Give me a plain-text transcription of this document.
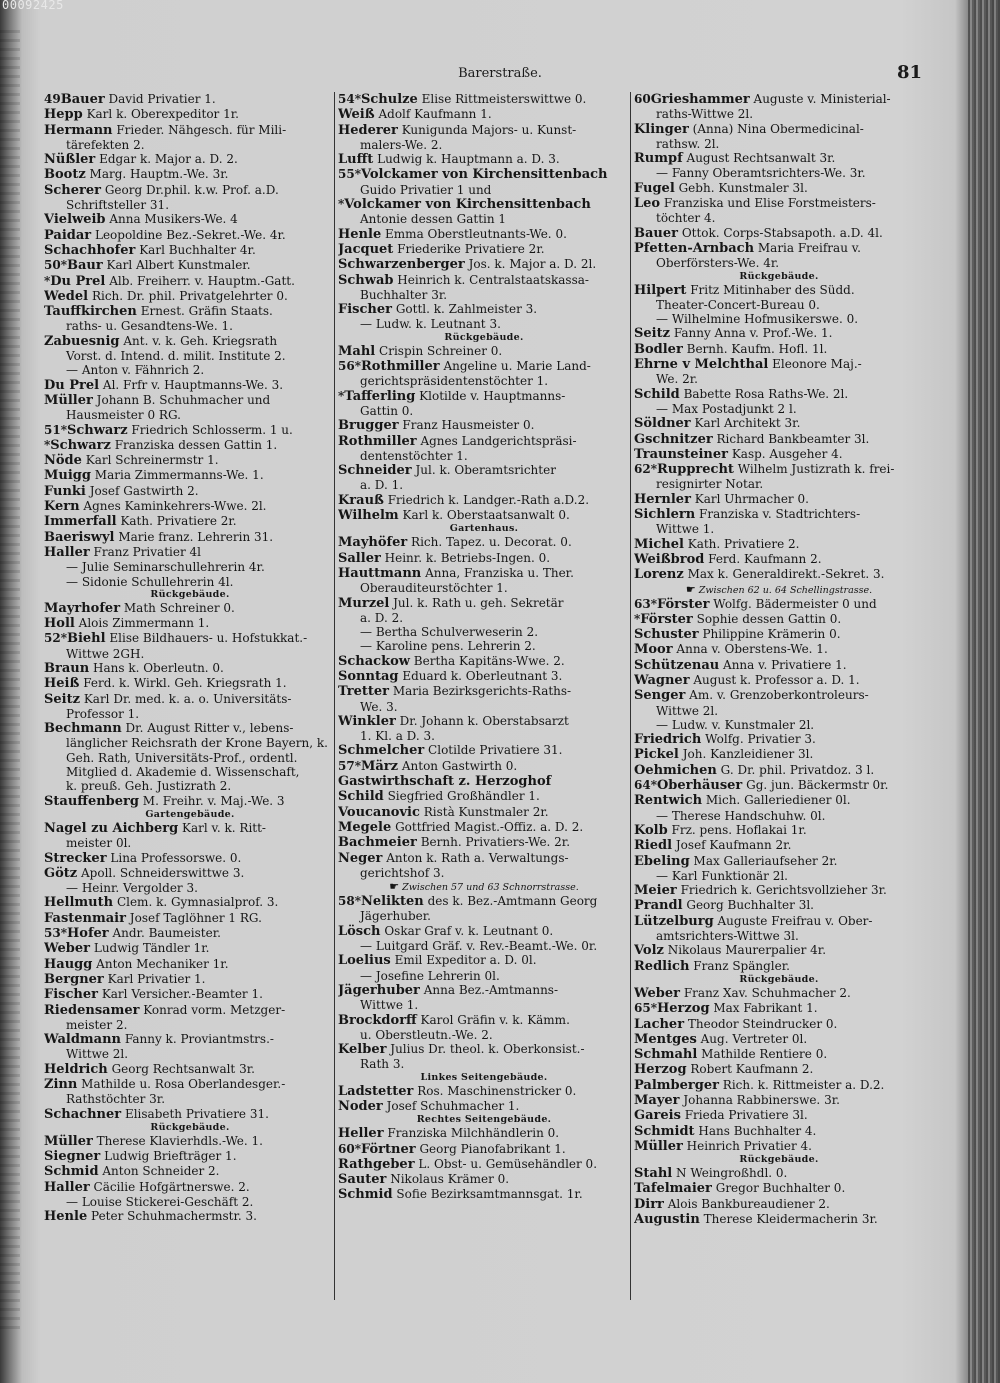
00092425
Barerstraße.	81
49Bauer David Privatier 1.
Hepp Karl k. Oberexpeditor 1r.
Hermann Frieder. Nähgesch. für Mili-
tärefekten 2.
Nüßler Edgar k. Major a. D. 2.
Bootz Marg. Hauptm.-We. 3r.
Scherer Georg Dr.phil. k.w. Prof. a.D.
Schriftsteller 31.
Vielweib Anna Musikers-We. 4
Paidar Leopoldine Bez.-Sekret.-We. 4r.
Schachhofer Karl Buchhalter 4r.
50*Baur Karl Albert Kunstmaler.
*Du Prel Alb. Freiherr. v. Hauptm.-Gatt.
Wedel Rich. Dr. phil. Privatgelehrter 0.
Tauffkirchen Ernest. Gräfin Staats.
raths- u. Gesandtens-We. 1.
Zabuesnig Ant. v. k. Geh. Kriegsrath
Vorst. d. Intend. d. milit. Institute 2.
— Anton v. Fähnrich 2.
Du Prel Al. Frfr v. Hauptmanns-We. 3.
Müller Johann B. Schuhmacher und
Hausmeister 0 RG.
51*Schwarz Friedrich Schlosserm. 1 u.
*Schwarz Franziska dessen Gattin 1.
Nöde Karl Schreinermstr 1.
Muigg Maria Zimmermanns-We. 1.
Funki Josef Gastwirth 2.
Kern Agnes Kaminkehrers-Wwe. 2l.
Immerfall Kath. Privatiere 2r.
Baeriswyl Marie franz. Lehrerin 31.
Haller Franz Privatier 4l
— Julie Seminarschullehrerin 4r.
— Sidonie Schullehrerin 4l.
Rückgebäude.
Mayrhofer Math Schreiner 0.
Holl Alois Zimmermann 1.
52*Biehl Elise Bildhauers- u. Hofstukkat.-
Wittwe 2GH.
Braun Hans k. Oberleutn. 0.
Heiß Ferd. k. Wirkl. Geh. Kriegsrath 1.
Seitz Karl Dr. med. k. a. o. Universitäts-
Professor 1.
Bechmann Dr. August Ritter v., lebens-
länglicher Reichsrath der Krone Bayern, k.
Geh. Rath, Universitäts-Prof., ordentl.
Mitglied d. Akademie d. Wissenschaft,
k. preuß. Geh. Justizrath 2.
Stauffenberg M. Freihr. v. Maj.-We. 3
Gartengebäude.
Nagel zu Aichberg Karl v. k. Ritt-
meister 0l.
Strecker Lina Professorswe. 0.
Götz Apoll. Schneiderswittwe 3.
— Heinr. Vergolder 3.
Hellmuth Clem. k. Gymnasialprof. 3.
Fastenmair Josef Taglöhner 1 RG.
53*Hofer Andr. Baumeister.
Weber Ludwig Tändler 1r.
Haugg Anton Mechaniker 1r.
Bergner Karl Privatier 1.
Fischer Karl Versicher.-Beamter 1.
Riedensamer Konrad vorm. Metzger-
meister 2.
Waldmann Fanny k. Proviantmstrs.-
Wittwe 2l.
Heldrich Georg Rechtsanwalt 3r.
Zinn Mathilde u. Rosa Oberlandesger.-
Rathstöchter 3r.
Schachner Elisabeth Privatiere 31.
Rückgebäude.
Müller Therese Klavierhdls.-We. 1.
Siegner Ludwig Briefträger 1.
Schmid Anton Schneider 2.
Haller Cäcilie Hofgärtnerswe. 2.
— Louise Stickerei-Geschäft 2.
Henle Peter Schuhmachermstr. 3.
54*Schulze Elise Rittmeisterswittwe 0.
Weiß Adolf Kaufmann 1.
Hederer Kunigunda Majors- u. Kunst-
malers-We. 2.
Lufft Ludwig k. Hauptmann a. D. 3.
55*Volckamer von Kirchensittenbach
Guido Privatier 1 und
*Volckamer von Kirchensittenbach
Antonie dessen Gattin 1
Henle Emma Oberstleutnants-We. 0.
Jacquet Friederike Privatiere 2r.
Schwarzenberger Jos. k. Major a. D. 2l.
Schwab Heinrich k. Centralstaatskassa-
Buchhalter 3r.
Fischer Gottl. k. Zahlmeister 3.
— Ludw. k. Leutnant 3.
Rückgebäude.
Mahl Crispin Schreiner 0.
56*Rothmiller Angeline u. Marie Land-
gerichtspräsidentenstöchter 1.
*Tafferling Klotilde v. Hauptmanns-
Gattin 0.
Brugger Franz Hausmeister 0.
Rothmiller Agnes Landgerichtspräsi-
dentenstöchter 1.
Schneider Jul. k. Oberamtsrichter
a. D. 1.
Krauß Friedrich k. Landger.-Rath a.D.2.
Wilhelm Karl k. Oberstaatsanwalt 0.
Gartenhaus.
Mayhöfer Rich. Tapez. u. Decorat. 0.
Saller Heinr. k. Betriebs-Ingen. 0.
Hauttmann Anna, Franziska u. Ther.
Oberauditeurstöchter 1.
Murzel Jul. k. Rath u. geh. Sekretär
a. D. 2.
— Bertha Schulverweserin 2.
— Karoline pens. Lehrerin 2.
Schackow Bertha Kapitäns-Wwe. 2.
Sonntag Eduard k. Oberleutnant 3.
Tretter Maria Bezirksgerichts-Raths-
We. 3.
Winkler Dr. Johann k. Oberstabsarzt
1. Kl. a D. 3.
Schmelcher Clotilde Privatiere 31.
57*März Anton Gastwirth 0.
Gastwirthschaft z. Herzoghof
Schild Siegfried Großhändler 1.
Voucanovic Ristà Kunstmaler 2r.
Megele Gottfried Magist.-Offiz. a. D. 2.
Bachmeier Bernh. Privatiers-We. 2r.
Neger Anton k. Rath a. Verwaltungs-
gerichtshof 3.
☛ Zwischen 57 und 63 Schnorrstrasse.
58*Nelikten des k. Bez.-Amtmann Georg
Jägerhuber.
Lösch Oskar Graf v. k. Leutnant 0.
— Luitgard Gräf. v. Rev.-Beamt.-We. 0r.
Loelius Emil Expeditor a. D. 0l.
— Josefine Lehrerin 0l.
Jägerhuber Anna Bez.-Amtmanns-
Wittwe 1.
Brockdorff Karol Gräfin v. k. Kämm.
u. Oberstleutn.-We. 2.
Kelber Julius Dr. theol. k. Oberkonsist.-
Rath 3.
Linkes Seitengebäude.
Ladstetter Ros. Maschinenstricker 0.
Noder Josef Schuhmacher 1.
Rechtes Seitengebäude.
Heller Franziska Milchhändlerin 0.
60*Förtner Georg Pianofabrikant 1.
Rathgeber L. Obst- u. Gemüsehändler 0.
Sauter Nikolaus Krämer 0.
Schmid Sofie Bezirksamtmannsgat. 1r.
60Grieshammer Auguste v. Ministerial-
raths-Wittwe 2l.
Klinger (Anna) Nina Obermedicinal-
rathsw. 2l.
Rumpf August Rechtsanwalt 3r.
— Fanny Oberamtsrichters-We. 3r.
Fugel Gebh. Kunstmaler 3l.
Leo Franziska und Elise Forstmeisters-
töchter 4.
Bauer Ottok. Corps-Stabsapoth. a.D. 4l.
Pfetten-Arnbach Maria Freifrau v.
Oberförsters-We. 4r.
Rückgebäude.
Hilpert Fritz Mitinhaber des Südd.
Theater-Concert-Bureau 0.
— Wilhelmine Hofmusikerswe. 0.
Seitz Fanny Anna v. Prof.-We. 1.
Bodler Bernh. Kaufm. Hofl. 1l.
Ehrne v Melchthal Eleonore Maj.-
We. 2r.
Schild Babette Rosa Raths-We. 2l.
— Max Postadjunkt 2 l.
Söldner Karl Architekt 3r.
Gschnitzer Richard Bankbeamter 3l.
Traunsteiner Kasp. Ausgeher 4.
62*Rupprecht Wilhelm Justizrath k. frei-
resignirter Notar.
Hernler Karl Uhrmacher 0.
Sichlern Franziska v. Stadtrichters-
Wittwe 1.
Michel Kath. Privatiere 2.
Weißbrod Ferd. Kaufmann 2.
Lorenz Max k. Generaldirekt.-Sekret. 3.
☛ Zwischen 62 u. 64 Schellingstrasse.
63*Förster Wolfg. Bädermeister 0 und
*Förster Sophie dessen Gattin 0.
Schuster Philippine Krämerin 0.
Moor Anna v. Oberstens-We. 1.
Schützenau Anna v. Privatiere 1.
Wagner August k. Professor a. D. 1.
Senger Am. v. Grenzoberkontroleurs-
Wittwe 2l.
— Ludw. v. Kunstmaler 2l.
Friedrich Wolfg. Privatier 3.
Pickel Joh. Kanzleidiener 3l.
Oehmichen G. Dr. phil. Privatdoz. 3 l.
64*Oberhäuser Gg. jun. Bäckermstr 0r.
Rentwich Mich. Galleriediener 0l.
— Therese Handschuhw. 0l.
Kolb Frz. pens. Hoflakai 1r.
Riedl Josef Kaufmann 2r.
Ebeling Max Galleriaufseher 2r.
— Karl Funktionär 2l.
Meier Friedrich k. Gerichtsvollzieher 3r.
Prandl Georg Buchhalter 3l.
Lützelburg Auguste Freifrau v. Ober-
amtsrichters-Wittwe 3l.
Volz Nikolaus Maurerpalier 4r.
Redlich Franz Spängler.
Rückgebäude.
Weber Franz Xav. Schuhmacher 2.
65*Herzog Max Fabrikant 1.
Lacher Theodor Steindrucker 0.
Mentges Aug. Vertreter 0l.
Schmahl Mathilde Rentiere 0.
Herzog Robert Kaufmann 2.
Palmberger Rich. k. Rittmeister a. D.2.
Mayer Johanna Rabbinerswe. 3r.
Gareis Frieda Privatiere 3l.
Schmidt Hans Buchhalter 4.
Müller Heinrich Privatier 4.
Rückgebäude.
Stahl N Weingroßhdl. 0.
Tafelmaier Gregor Buchhalter 0.
Dirr Alois Bankbureaudiener 2.
Augustin Therese Kleidermacherin 3r.
